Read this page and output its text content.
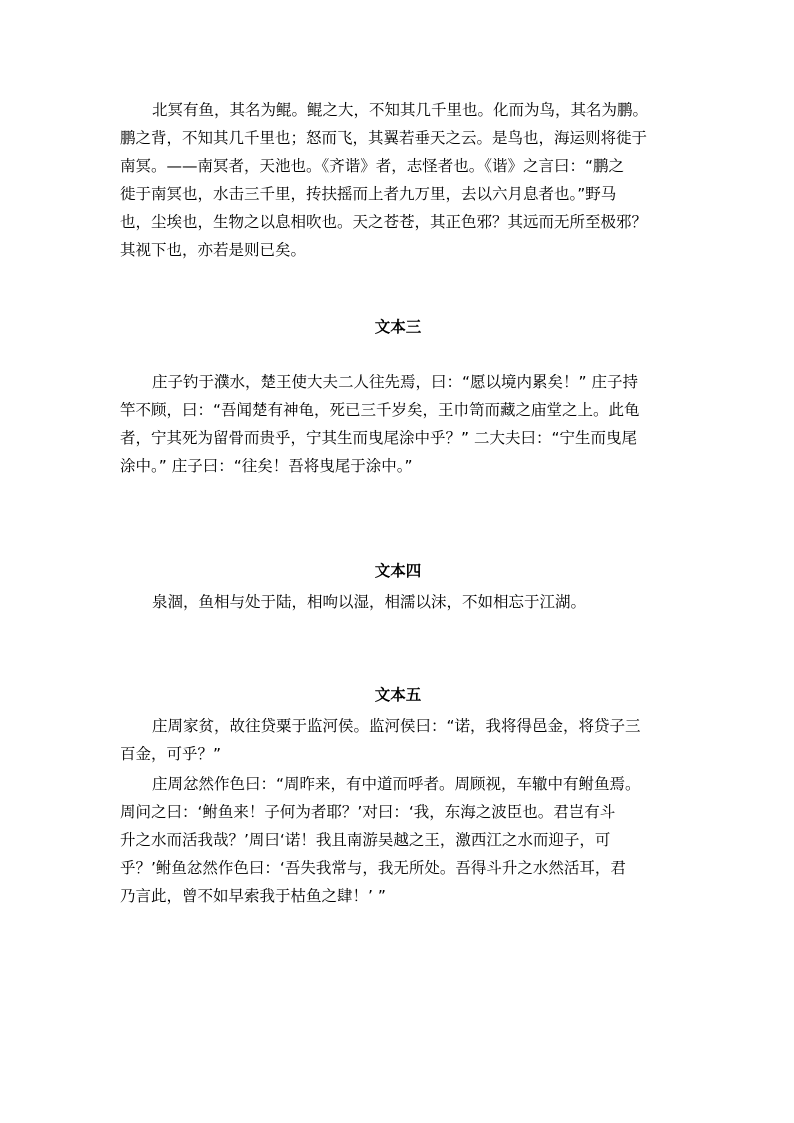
北冥有鱼，其名为鲲。鲲之大，不知其几千里也。化而为鸟，其名为鹏。
鹏之背，不知其几千里也；怒而飞，其翼若垂天之云。是鸟也，海运则将徙于
南冥。——南冥者，天池也。《齐谐》者，志怪者也。《谐》之言曰：“鹏之
徙于南冥也，水击三千里，抟扶摇而上者九万里，去以六月息者也。”野马
也，尘埃也，生物之以息相吹也。天之苍苍，其正色邪？其远而无所至极邪？
其视下也，亦若是则已矣。
文本三
庄子钓于濮水，楚王使大夫二人往先焉，曰：“愿以境内累矣！” 庄子持
竿不顾，曰：“吾闻楚有神龟，死已三千岁矣，王巾笥而藏之庙堂之上。此龟
者，宁其死为留骨而贵乎，宁其生而曳尾涂中乎？” 二大夫曰：“宁生而曳尾
涂中。” 庄子曰：“往矣！吾将曳尾于涂中。”
文本四
泉涸，鱼相与处于陆，相呴以湿，相濡以沫，不如相忘于江湖。
文本五
庄周家贫，故往贷粟于监河侯。监河侯曰：“诺，我将得邑金，将贷子三
百金，可乎？”
庄周忿然作色曰：“周昨来，有中道而呼者。周顾视，车辙中有鲋鱼焉。
周问之曰：‘鲋鱼来！子何为者耶？’对曰：‘我，东海之波臣也。君岂有斗
升之水而活我哉？’周曰‘诺！我且南游吴越之王，激西江之水而迎子，可
乎？’鲋鱼忿然作色曰：‘吾失我常与，我无所处。吾得斗升之水然活耳，君
乃言此，曾不如早索我于枯鱼之肆！’ ”
